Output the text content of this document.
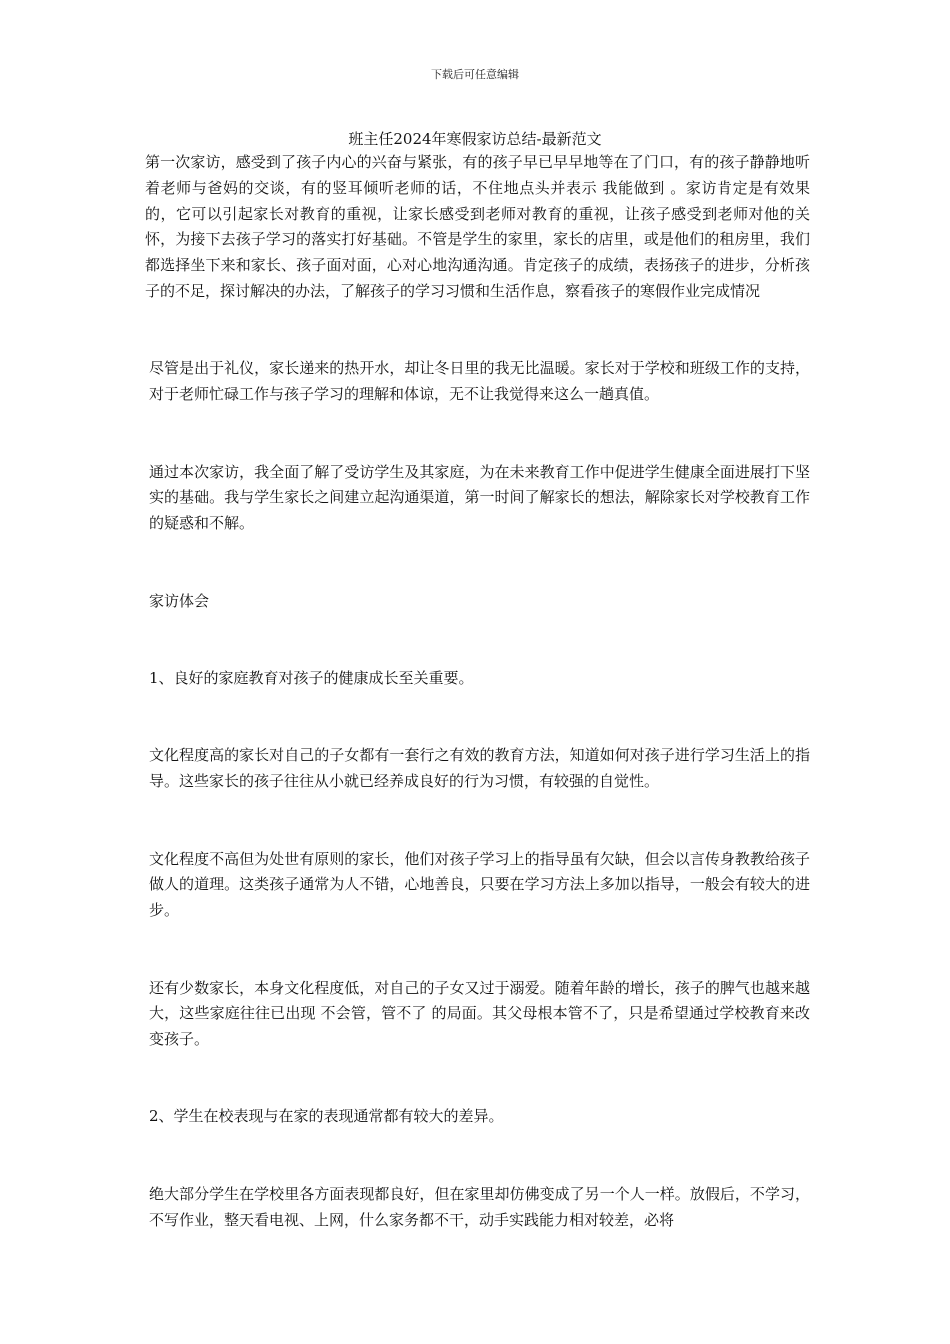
下载后可任意编辑
班主任2024年寒假家访总结-最新范文

第一次家访，感受到了孩子内心的兴奋与紧张，有的孩子早已早早地等在了门口，有的孩子静静地听着老师与爸妈的交谈，有的竖耳倾听老师的话，不住地点头并表示 我能做到 。家访肯定是有效果的，它可以引起家长对教育的重视，让家长感受到老师对教育的重视，让孩子感受到老师对他的关怀，为接下去孩子学习的落实打好基础。不管是学生的家里，家长的店里，或是他们的租房里，我们都选择坐下来和家长、孩子面对面，心对心地沟通沟通。肯定孩子的成绩，表扬孩子的进步，分析孩子的不足，探讨解决的办法，了解孩子的学习习惯和生活作息，察看孩子的寒假作业完成情况

尽管是出于礼仪，家长递来的热开水，却让冬日里的我无比温暖。家长对于学校和班级工作的支持，对于老师忙碌工作与孩子学习的理解和体谅，无不让我觉得来这么一趟真值。

通过本次家访，我全面了解了受访学生及其家庭，为在未来教育工作中促进学生健康全面进展打下坚实的基础。我与学生家长之间建立起沟通渠道，第一时间了解家长的想法，解除家长对学校教育工作的疑惑和不解。

家访体会

1、良好的家庭教育对孩子的健康成长至关重要。

文化程度高的家长对自己的子女都有一套行之有效的教育方法，知道如何对孩子进行学习生活上的指导。这些家长的孩子往往从小就已经养成良好的行为习惯，有较强的自觉性。

文化程度不高但为处世有原则的家长，他们对孩子学习上的指导虽有欠缺，但会以言传身教教给孩子做人的道理。这类孩子通常为人不错，心地善良，只要在学习方法上多加以指导，一般会有较大的进步。

还有少数家长，本身文化程度低，对自己的子女又过于溺爱。随着年龄的增长，孩子的脾气也越来越大，这些家庭往往已出现 不会管，管不了 的局面。其父母根本管不了，只是希望通过学校教育来改变孩子。

2、学生在校表现与在家的表现通常都有较大的差异。

绝大部分学生在学校里各方面表现都良好，但在家里却仿佛变成了另一个人一样。放假后，不学习，不写作业，整天看电视、上网，什么家务都不干，动手实践能力相对较差，必将
